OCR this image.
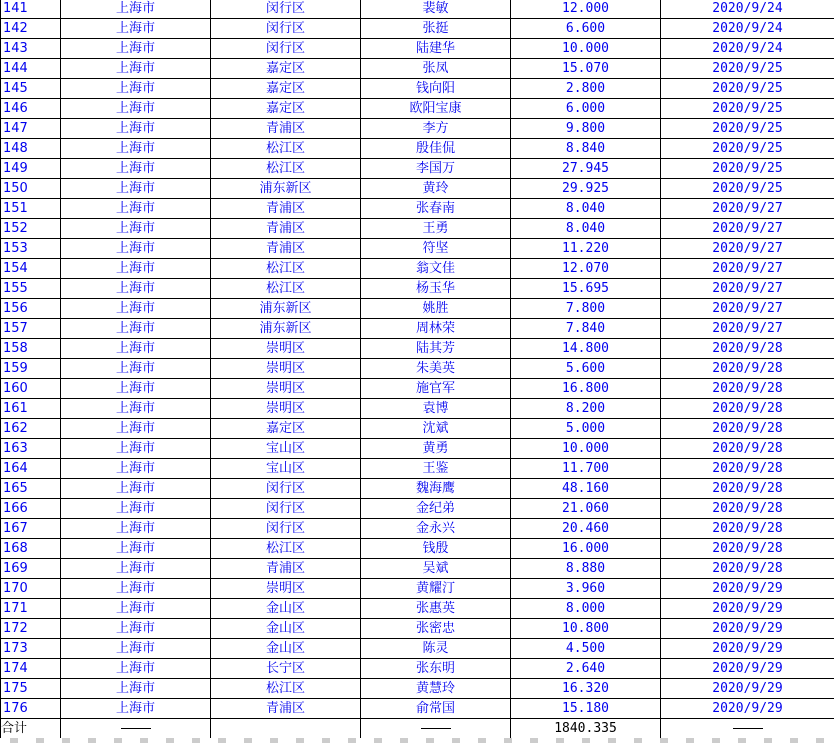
141	上海市	闵行区	裴敏	12.000	2020/9/24
142	上海市	闵行区	张挺	6.600	2020/9/24
143	上海市	闵行区	陆建华	10.000	2020/9/24
144	上海市	嘉定区	张凤	15.070	2020/9/25
145	上海市	嘉定区	钱向阳	2.800	2020/9/25
146	上海市	嘉定区	欧阳宝康	6.000	2020/9/25
147	上海市	青浦区	李方	9.800	2020/9/25
148	上海市	松江区	殷佳侃	8.840	2020/9/25
149	上海市	松江区	李国万	27.945	2020/9/25
150	上海市	浦东新区	黄玲	29.925	2020/9/25
151	上海市	青浦区	张春南	8.040	2020/9/27
152	上海市	青浦区	王勇	8.040	2020/9/27
153	上海市	青浦区	符坚	11.220	2020/9/27
154	上海市	松江区	翁文佳	12.070	2020/9/27
155	上海市	松江区	杨玉华	15.695	2020/9/27
156	上海市	浦东新区	姚胜	7.800	2020/9/27
157	上海市	浦东新区	周林荣	7.840	2020/9/27
158	上海市	崇明区	陆其芳	14.800	2020/9/28
159	上海市	崇明区	朱美英	5.600	2020/9/28
160	上海市	崇明区	施官军	16.800	2020/9/28
161	上海市	崇明区	袁博	8.200	2020/9/28
162	上海市	嘉定区	沈斌	5.000	2020/9/28
163	上海市	宝山区	黄勇	10.000	2020/9/28
164	上海市	宝山区	王鉴	11.700	2020/9/28
165	上海市	闵行区	魏海鹰	48.160	2020/9/28
166	上海市	闵行区	金纪弟	21.060	2020/9/28
167	上海市	闵行区	金永兴	20.460	2020/9/28
168	上海市	松江区	钱殷	16.000	2020/9/28
169	上海市	青浦区	吴斌	8.880	2020/9/28
170	上海市	崇明区	黄耀汀	3.960	2020/9/29
171	上海市	金山区	张惠英	8.000	2020/9/29
172	上海市	金山区	张密忠	10.800	2020/9/29
173	上海市	金山区	陈灵	4.500	2020/9/29
174	上海市	长宁区	张东明	2.640	2020/9/29
175	上海市	松江区	黄慧玲	16.320	2020/9/29
176	上海市	青浦区	俞常国	15.180	2020/9/29
合计				1840.335	
